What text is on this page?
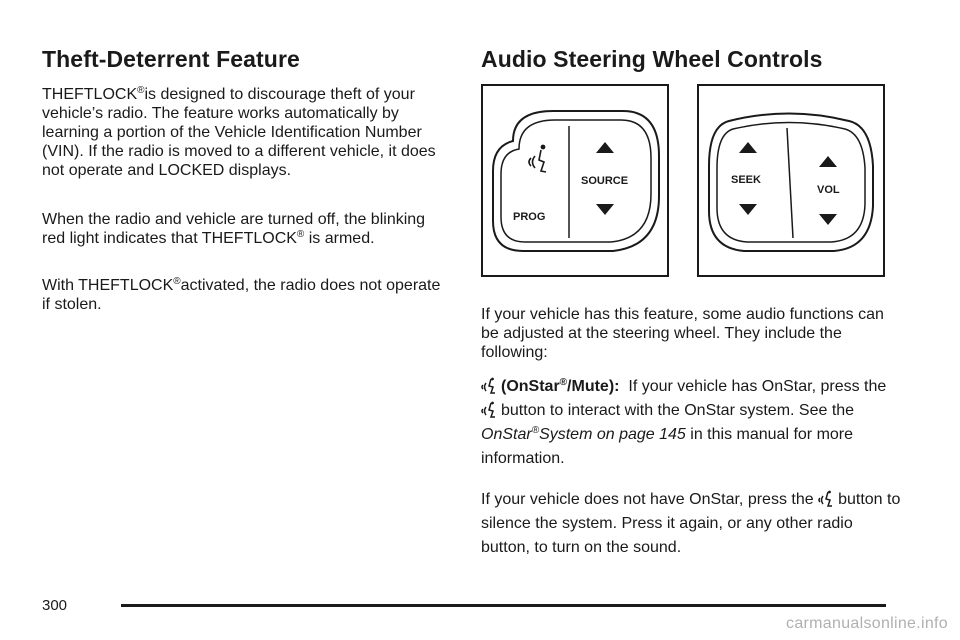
Theft-Deterrent Feature

THEFTLOCK®is designed to discourage theft of your vehicle’s radio. The feature works automatically by learning a portion of the Vehicle Identification Number (VIN). If the radio is moved to a different vehicle, it does not operate and LOCKED displays.

When the radio and vehicle are turned off, the blinking red light indicates that THEFTLOCK® is armed.

With THEFTLOCK®activated, the radio does not operate if stolen.

Audio Steering Wheel Controls
SOURCE
PROG
SEEK
VOL

If your vehicle has this feature, some audio functions can be adjusted at the steering wheel. They include the following:

(OnStar®/Mute): If your vehicle has OnStar, press the button to interact with the OnStar system. See the OnStar®System on page 145 in this manual for more information.

If your vehicle does not have OnStar, press the button to silence the system. Press it again, or any other radio button, to turn on the sound.

300
carmanualsonline.info
